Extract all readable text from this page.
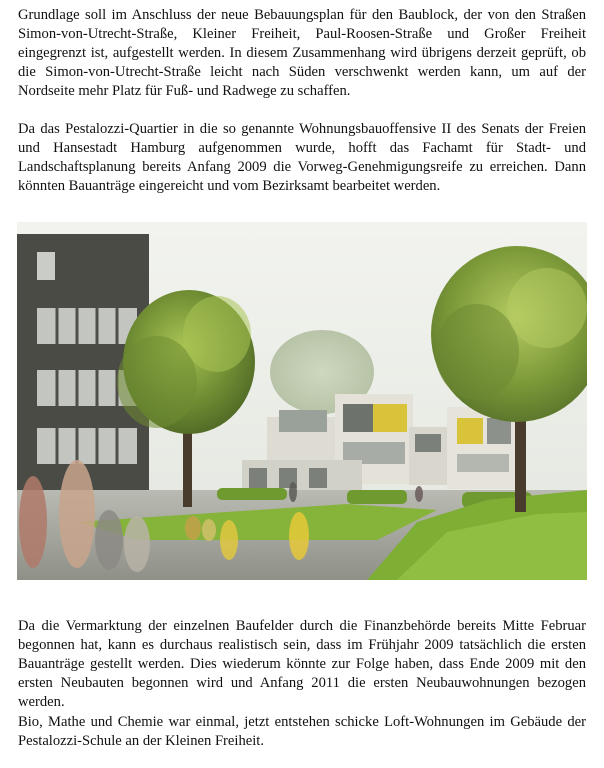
Grundlage soll im Anschluss der neue Bebauungsplan für den Baublock, der von den Straßen Simon-von-Utrecht-Straße, Kleiner Freiheit, Paul-Roosen-Straße und Großer Freiheit eingegrenzt ist, aufgestellt werden. In diesem Zusammenhang wird übrigens derzeit geprüft, ob die Simon-von-Utrecht-Straße leicht nach Süden verschwenkt werden kann, um auf der Nordseite mehr Platz für Fuß- und Radwege zu schaffen.

Da das Pestalozzi-Quartier in die so genannte Wohnungsbauoffensive II des Senats der Freien und Hansestadt Hamburg aufgenommen wurde, hofft das Fachamt für Stadt- und Landschaftsplanung bereits Anfang 2009 die Vorweg-Genehmigungsreife zu erreichen. Dann könnten Bauanträge eingereicht und vom Bezirksamt bearbeitet werden.

Da die Vermarktung der einzelnen Baufelder durch die Finanzbehörde bereits Mitte Februar begonnen hat, kann es durchaus realistisch sein, dass im Frühjahr 2009 tatsächlich die ersten Bauanträge gestellt werden. Dies wiederum könnte zur Folge haben, dass Ende 2009 mit den ersten Neubauten begonnen wird und Anfang 2011 die ersten Neubauwohnungen bezogen werden.

Bio, Mathe und Chemie war einmal, jetzt entstehen schicke Loft-Wohnungen im Gebäude der Pestalozzi-Schule an der Kleinen Freiheit.
